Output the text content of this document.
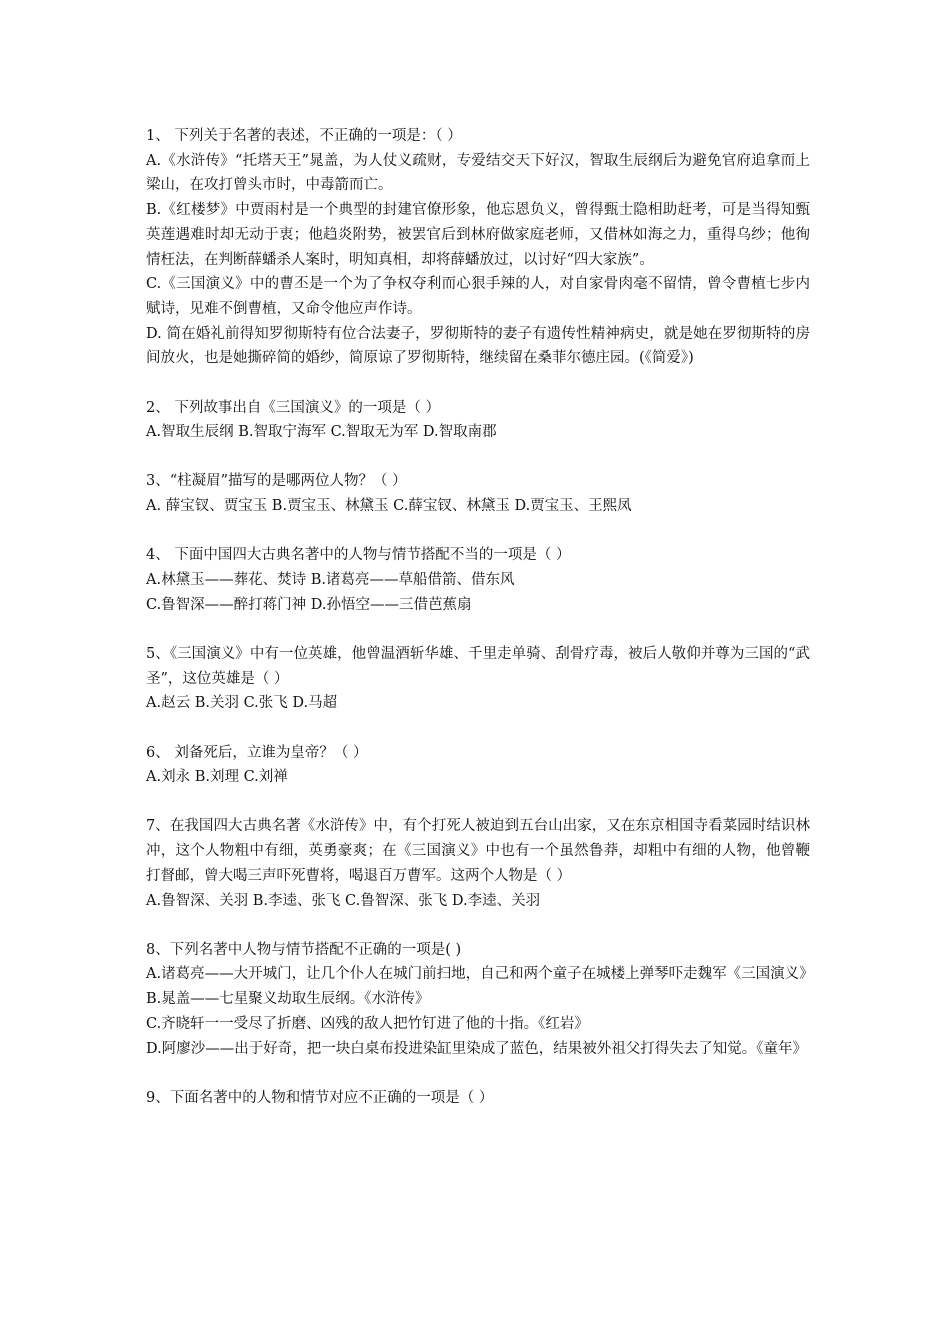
1、 下列关于名著的表述，不正确的一项是：（ ）
A.《水浒传》“托塔天王”晁盖，为人仗义疏财，专爱结交天下好汉，智取生辰纲后为避免官府追拿而上梁山，在攻打曾头市时，中毒箭而亡。
B.《红楼梦》中贾雨村是一个典型的封建官僚形象，他忘恩负义，曾得甄士隐相助赶考，可是当得知甄英莲遇难时却无动于衷；他趋炎附势，被罢官后到林府做家庭老师，又借林如海之力，重得乌纱；他徇情枉法，在判断薛蟠杀人案时，明知真相，却将薛蟠放过，以讨好“四大家族”。
C.《三国演义》中的曹丕是一个为了争权夺利而心狠手辣的人，对自家骨肉毫不留情，曾令曹植七步内赋诗，见难不倒曹植，又命令他应声作诗。
D. 简在婚礼前得知罗彻斯特有位合法妻子，罗彻斯特的妻子有遗传性精神病史，就是她在罗彻斯特的房间放火，也是她撕碎简的婚纱，简原谅了罗彻斯特，继续留在桑菲尔德庄园。(《简爱》)
2、 下列故事出自《三国演义》的一项是（ ）
A.智取生辰纲 B.智取宁海军 C.智取无为军 D.智取南郡
3、“柱凝眉”描写的是哪两位人物？（ ）
A. 薛宝钗、贾宝玉 B.贾宝玉、林黛玉 C.薛宝钗、林黛玉 D.贾宝玉、王熙凤
4、 下面中国四大古典名著中的人物与情节搭配不当的一项是（ ）
A.林黛玉——葬花、焚诗 B.诸葛亮——草船借箭、借东风
C.鲁智深——醉打蒋门神 D.孙悟空——三借芭蕉扇
5、《三国演义》中有一位英雄，他曾温酒斩华雄、千里走单骑、刮骨疗毒，被后人敬仰并尊为三国的“武圣”，这位英雄是（ ）
A.赵云 B.关羽 C.张飞 D.马超
6、 刘备死后，立谁为皇帝？（ ）
A.刘永 B.刘理 C.刘禅
7、在我国四大古典名著《水浒传》中，有个打死人被迫到五台山出家，又在东京相国寺看菜园时结识林冲，这个人物粗中有细，英勇豪爽；在《三国演义》中也有一个虽然鲁莽，却粗中有细的人物，他曾鞭打督邮，曾大喝三声吓死曹将，喝退百万曹军。这两个人物是（ ）
A.鲁智深、关羽 B.李逵、张飞 C.鲁智深、张飞 D.李逵、关羽
8、下列名著中人物与情节搭配不正确的一项是( )
A.诸葛亮——大开城门，让几个仆人在城门前扫地，自己和两个童子在城楼上弹琴吓走魏军《三国演义》
B.晁盖——七星聚义劫取生辰纲。《水浒传》
C.齐晓轩一一受尽了折磨、凶残的敌人把竹钉进了他的十指。《红岩》
D.阿廖沙——出于好奇，把一块白桌布投进染缸里染成了蓝色，结果被外祖父打得失去了知觉。《童年》
9、下面名著中的人物和情节对应不正确的一项是（ ）
